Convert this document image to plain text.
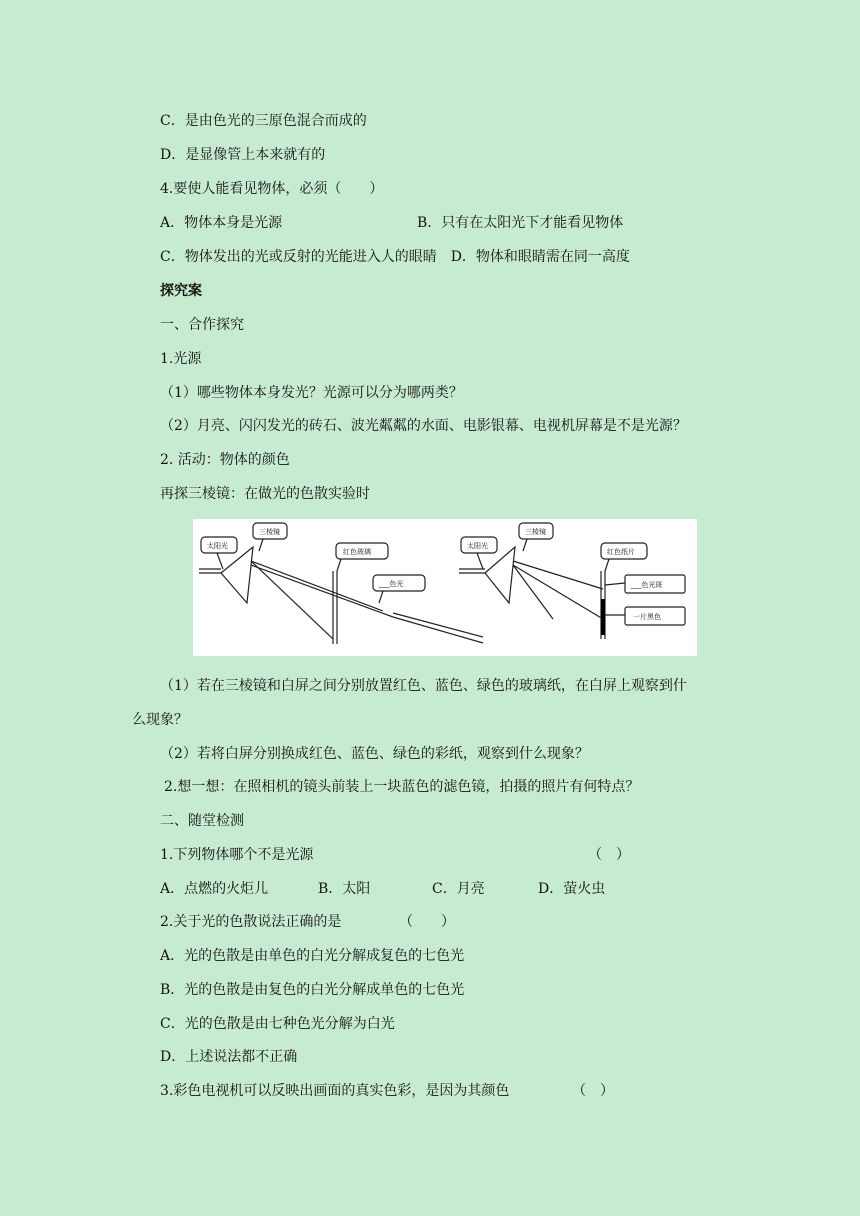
C．是由色光的三原色混合而成的
D．是显像管上本来就有的
4.要使人能看见物体，必须（　　）
A．物体本身是光源	B．只有在太阳光下才能看见物体
C．物体发出的光或反射的光能进入人的眼睛　D．物体和眼睛需在同一高度
探究案
一、合作探究
1.光源
（1）哪些物体本身发光？光源可以分为哪两类？
（2）月亮、闪闪发光的砖石、波光粼粼的水面、电影银幕、电视机屏幕是不是光源？
2. 活动：物体的颜色
再探三棱镜：在做光的色散实验时
太阳光
三棱镜
红色玻璃
___色光
太阳光
三棱镜
红色纸片
___色光斑
一片黑色
（1）若在三棱镜和白屏之间分别放置红色、蓝色、绿色的玻璃纸，在白屏上观察到什
么现象？
（2）若将白屏分别换成红色、蓝色、绿色的彩纸，观察到什么现象？
2.想一想：在照相机的镜头前装上一块蓝色的滤色镜，拍摄的照片有何特点？
二、随堂检测
1.下列物体哪个不是光源	（　）
A．点燃的火炬儿	B．太阳	C．月亮	D．萤火虫
2.关于光的色散说法正确的是	（　　）
A．光的色散是由单色的白光分解成复色的七色光
B．光的色散是由复色的白光分解成单色的七色光
C．光的色散是由七种色光分解为白光
D．上述说法都不正确
3.彩色电视机可以反映出画面的真实色彩，是因为其颜色	（　）
